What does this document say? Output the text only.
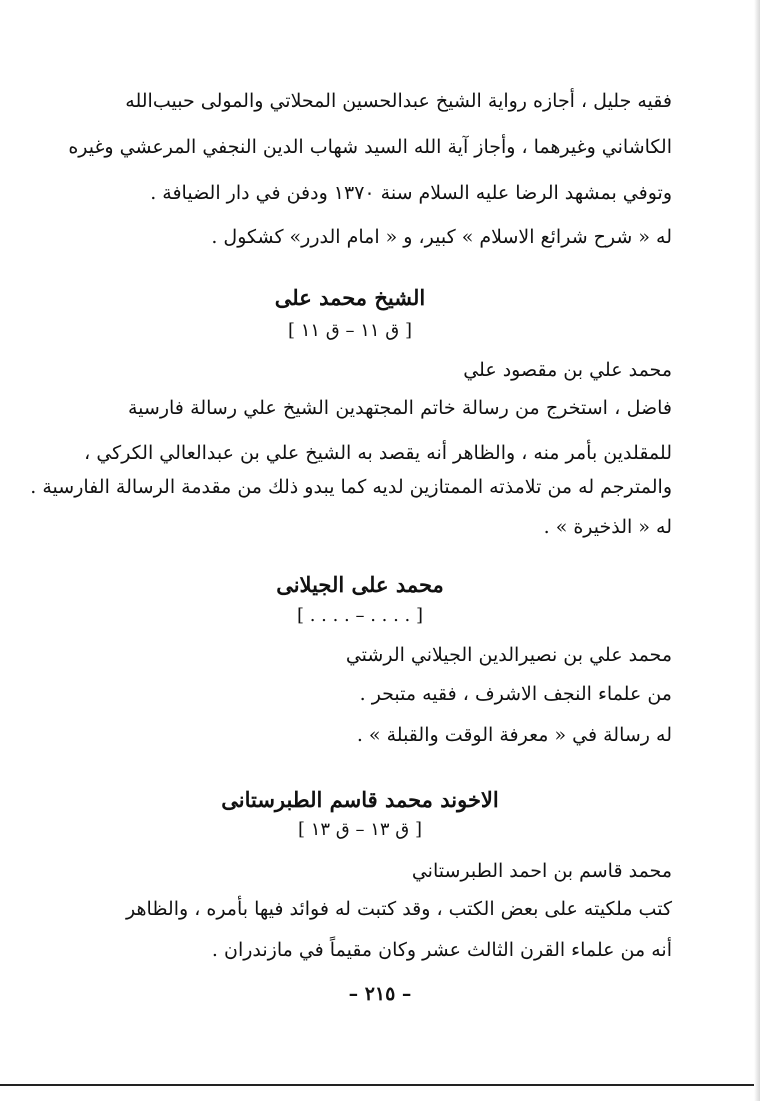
فقيه جليل ، أجازه رواية الشيخ عبدالحسين المحلاتي والمولى حبيب‌الله
الكاشاني وغيرهما ، وأجاز آية الله السيد شهاب الدين النجفي المرعشي وغيره
وتوفي بمشهد الرضا عليه السلام سنة ١٣٧٠ ودفن في دار الضيافة .
له « شرح شرائع الاسلام » كبير، و « امام الدرر» كشكول .
الشيخ محمد على
[ ق ١١ – ق ١١ ]
محمد علي بن مقصود علي
فاضل ، استخرج من رسالة خاتم المجتهدين الشيخ علي رسالة فارسية
للمقلدين بأمر منه ، والظاهر أنه يقصد به الشيخ علي بن عبدالعالي الكركي ،
والمترجم له من تلامذته الممتازين لديه كما يبدو ذلك من مقدمة الرسالة الفارسية .
له « الذخيرة » .
محمد على الجيلانى
[ . . . . – . . . . ]
محمد علي بن نصيرالدين الجيلاني الرشتي
من علماء النجف الاشرف ، فقيه متبحر .
له رسالة في « معرفة الوقت والقبلة » .
الاخوند محمد قاسم الطبرستانى
[ ق ١٣ – ق ١٣ ]
محمد قاسم بن احمد الطبرستاني
كتب ملكيته على بعض الكتب ، وقد كتبت له فوائد فيها بأمره ، والظاهر
أنه من علماء القرن الثالث عشر وكان مقيماً في مازندران .
– ٢١٥ –
